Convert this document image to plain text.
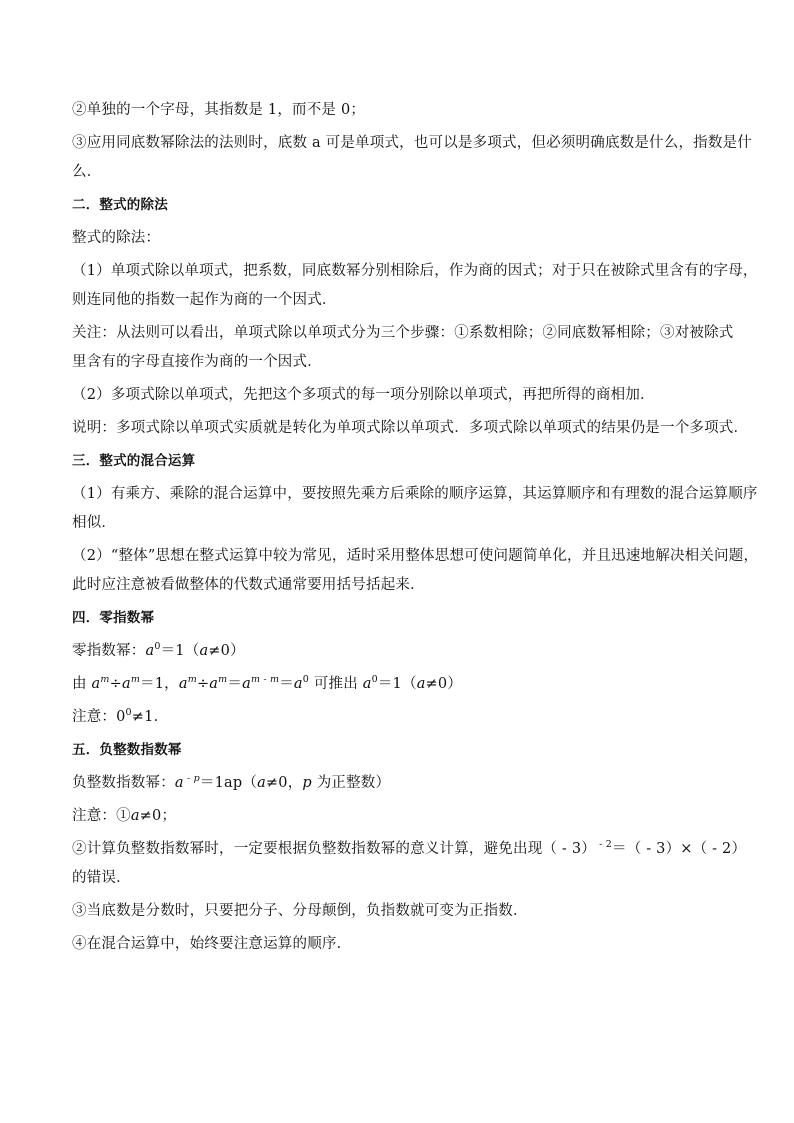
②单独的一个字母，其指数是 1，而不是 0；
③应用同底数幂除法的法则时，底数 a 可是单项式，也可以是多项式，但必须明确底数是什么，指数是什
么．
二．整式的除法
整式的除法：
（1）单项式除以单项式，把系数，同底数幂分别相除后，作为商的因式；对于只在被除式里含有的字母，
则连同他的指数一起作为商的一个因式．
关注：从法则可以看出，单项式除以单项式分为三个步骤：①系数相除；②同底数幂相除；③对被除式
里含有的字母直接作为商的一个因式．
（2）多项式除以单项式，先把这个多项式的每一项分别除以单项式，再把所得的商相加．
说明：多项式除以单项式实质就是转化为单项式除以单项式．多项式除以单项式的结果仍是一个多项式．
三．整式的混合运算
（1）有乘方、乘除的混合运算中，要按照先乘方后乘除的顺序运算，其运算顺序和有理数的混合运算顺序
相似．
（2）“整体”思想在整式运算中较为常见，适时采用整体思想可使问题简单化，并且迅速地解决相关问题，
此时应注意被看做整体的代数式通常要用括号括起来．
四．零指数幂
零指数幂：$a^0=1(a\ne 0)$
由 $a^m\div a^m=1$，$a^m\div a^m=a^{m - m}=a^0$ 可推出 $a^0=1(a\ne 0)$
注意：$0^0\ne 1$．
五．负整数指数幂
负整数指数幂：a $^{- p}$＝1ap（a≠0，p 为正整数）
注意：①a≠0；
②计算负整数指数幂时，一定要根据负整数指数幂的意义计算，避免出现（ - 3） $^{- 2}$＝（ - 3）×（ - 2）
的错误．
③当底数是分数时，只要把分子、分母颠倒，负指数就可变为正指数．
④在混合运算中，始终要注意运算的顺序．
